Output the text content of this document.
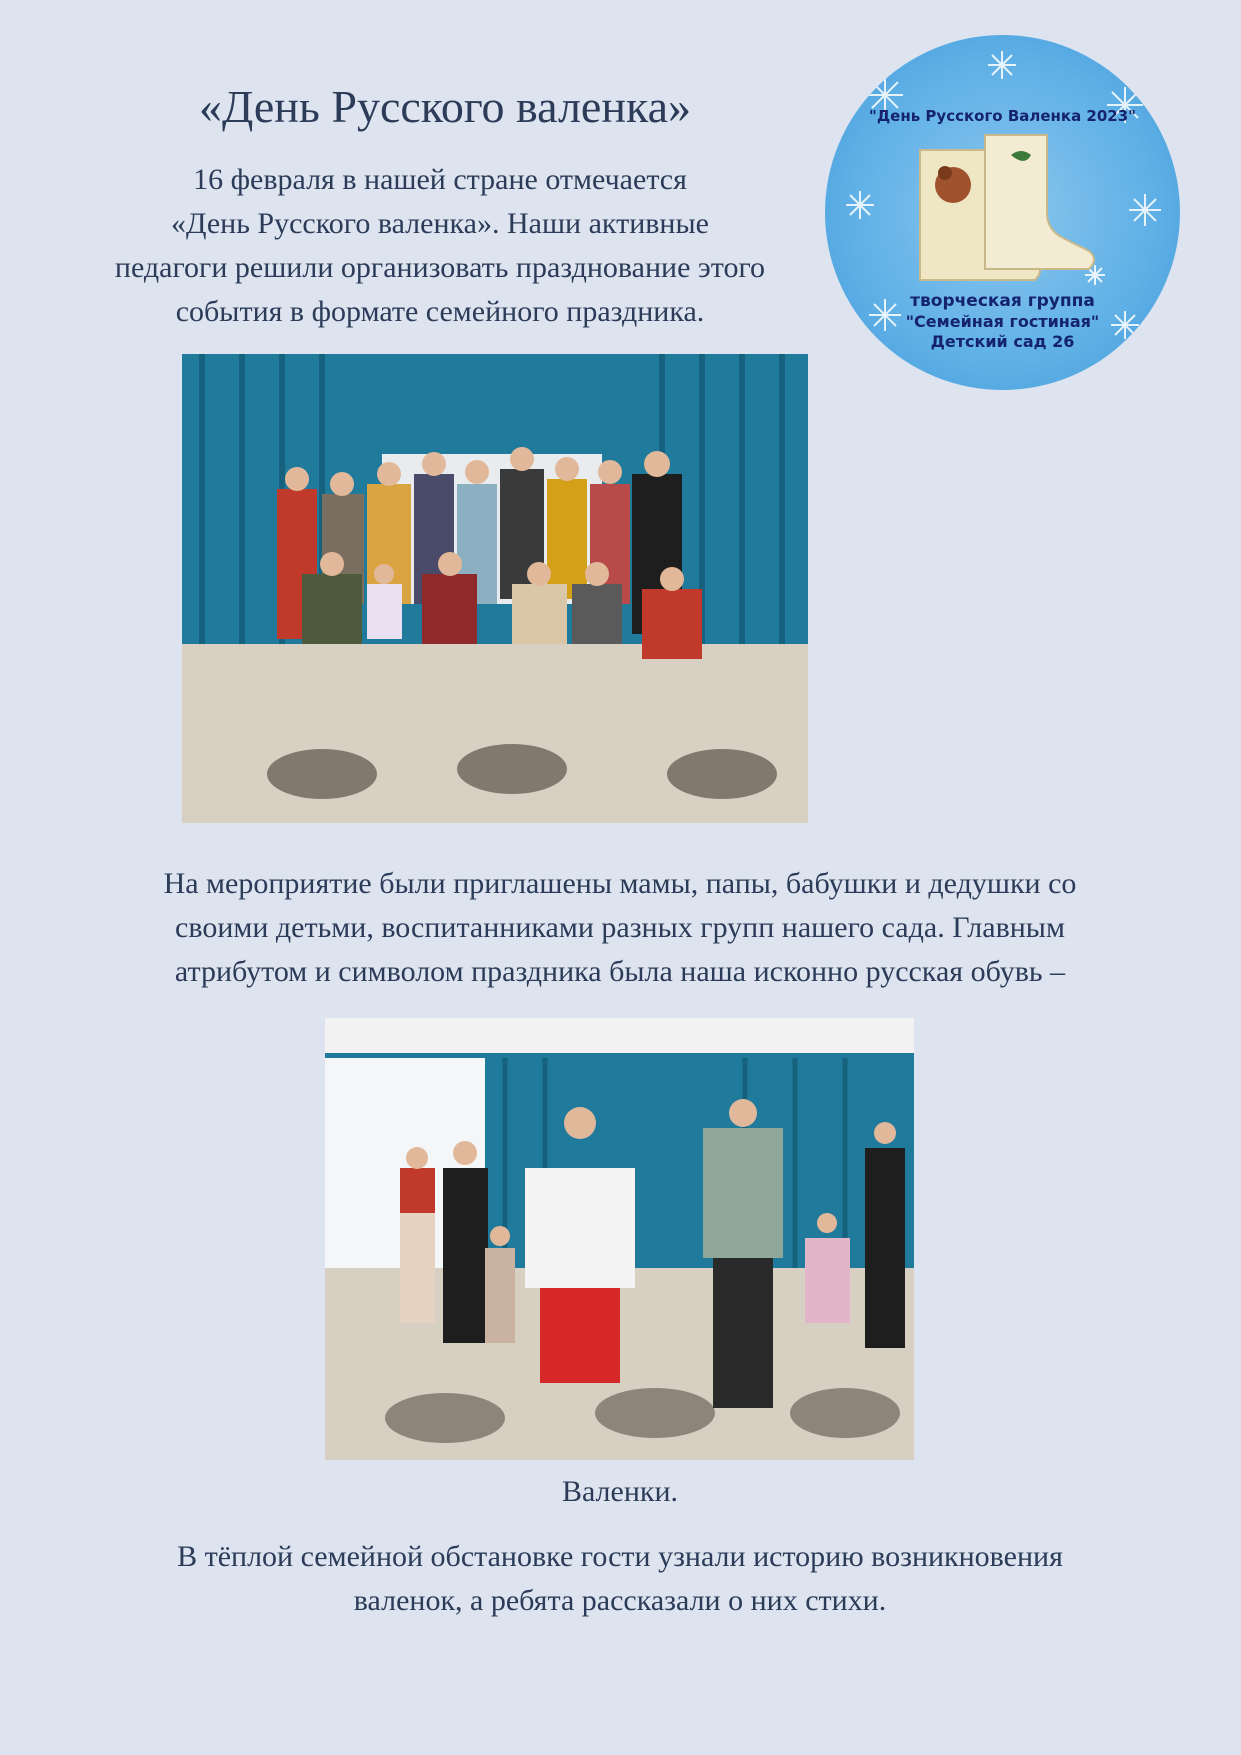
«День Русского валенка»
16 февраля в нашей стране отмечается
«День Русского валенка». Наши активные
педагоги решили организовать празднование этого
события в формате семейного праздника.
"День Русского Валенка 2023"
творческая группа
"Семейная гостиная"
Детский сад 26
На мероприятие были приглашены мамы, папы, бабушки и дедушки со
своими детьми, воспитанниками разных групп нашего сада. Главным
атрибутом и символом праздника была наша исконно русская обувь –
Валенки.
В тёплой семейной обстановке гости узнали историю возникновения
валенок, а ребята рассказали о них стихи.
